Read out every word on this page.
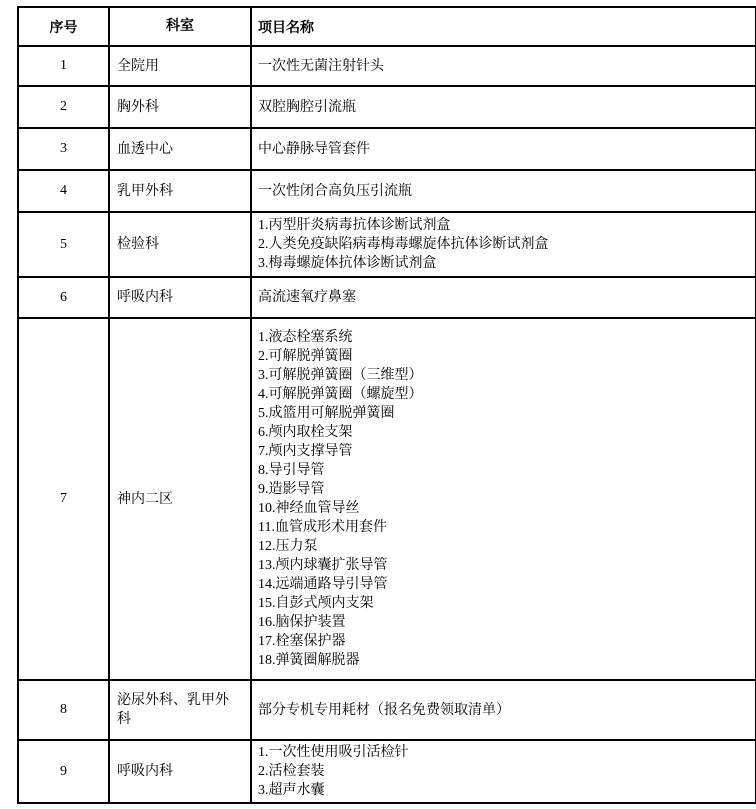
序号	科室	项目名称
1	全院用	一次性无菌注射针头

2	胸外科	双腔胸腔引流瓶

3	血透中心	中心静脉导管套件

4	乳甲外科	一次性闭合高负压引流瓶

5	检验科	1.丙型肝炎病毒抗体诊断试剂盒
2.人类免疫缺陷病毒梅毒螺旋体抗体诊断试剂盒
3.梅毒螺旋体抗体诊断试剂盒

6	呼吸内科	高流速氧疗鼻塞

7	神内二区	
1.液态栓塞系统
2.可解脱弹簧圈
3.可解脱弹簧圈（三维型）
4.可解脱弹簧圈（螺旋型）
5.成篮用可解脱弹簧圈
6.颅内取栓支架
7.颅内支撑导管
8.导引导管
9.造影导管
10.神经血管导丝
11.血管成形术用套件
12.压力泵
13.颅内球囊扩张导管
14.远端通路导引导管
15.自彭式颅内支架
16.脑保护装置
17.栓塞保护器
18.弹簧圈解脱器

8	泌尿外科、乳甲外科	部分专机专用耗材（报名免费领取清单）

9	呼吸内科	1.一次性使用吸引活检针
2.活检套装
3.超声水囊
